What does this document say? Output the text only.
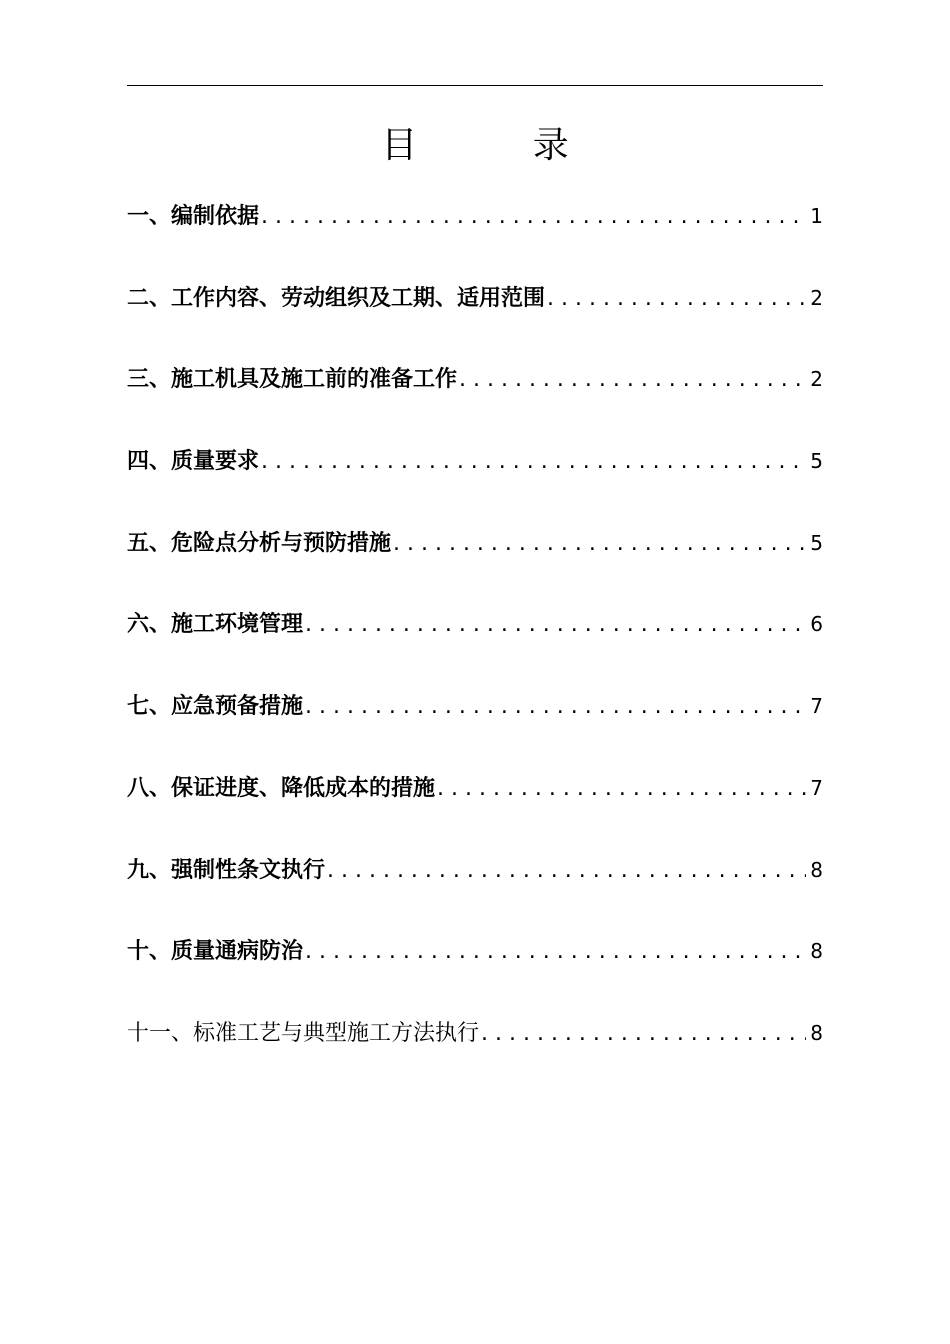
目 录
一、编制依据 . . .	1
二、工作内容、劳动组织及工期、适用范围 . . .	2
三、施工机具及施工前的准备工作 . . .	2
四、质量要求 . . .	5
五、危险点分析与预防措施 . . .	5
六、施工环境管理 . . .	6
七、应急预备措施 . . .	7
八、保证进度、降低成本的措施 . . .	7
九、强制性条文执行 . . .	8
十、质量通病防治 . . .	8
十一、标准工艺与典型施工方法执行 . . .	8
